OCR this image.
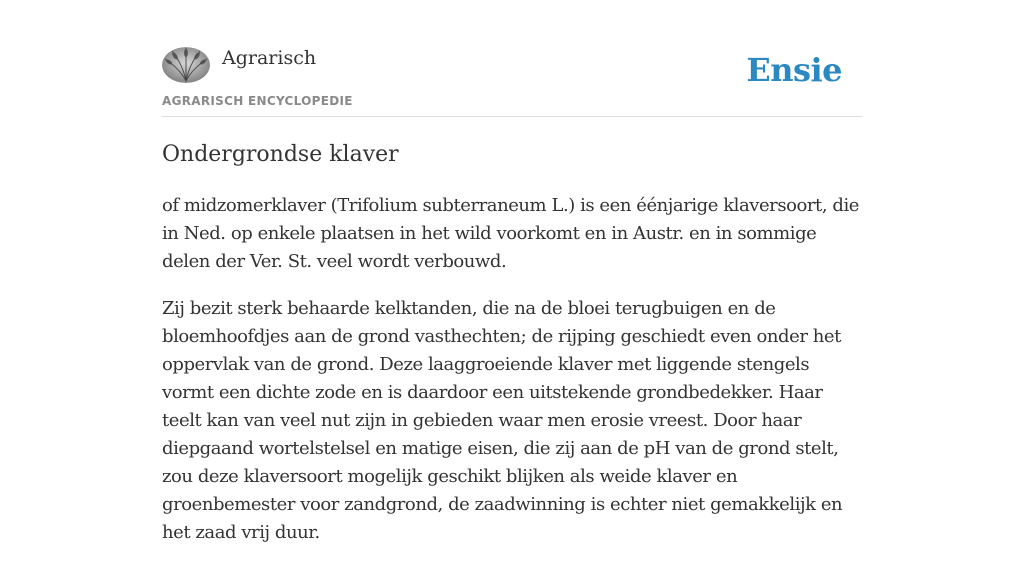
Agrarisch
AGRARISCH ENCYCLOPEDIE
Ensie
Ondergrondse klaver

of midzomerklaver (Trifolium subterraneum L.) is een éénjarige klaversoort, die in Ned. op enkele plaatsen in het wild voorkomt en in Austr. en in sommige delen der Ver. St. veel wordt verbouwd.

Zij bezit sterk behaarde kelktanden, die na de bloei terugbuigen en de bloemhoofdjes aan de grond vasthechten; de rijping geschiedt even onder het oppervlak van de grond. Deze laaggroeiende klaver met liggende stengels vormt een dichte zode en is daardoor een uitstekende grondbedekker. Haar teelt kan van veel nut zijn in gebieden waar men erosie vreest. Door haar diepgaand wortelstelsel en matige eisen, die zij aan de pH van de grond stelt, zou deze klaversoort mogelijk geschikt blijken als weide klaver en groenbemester voor zandgrond, de zaadwinning is echter niet gemakkelijk en het zaad vrij duur.
